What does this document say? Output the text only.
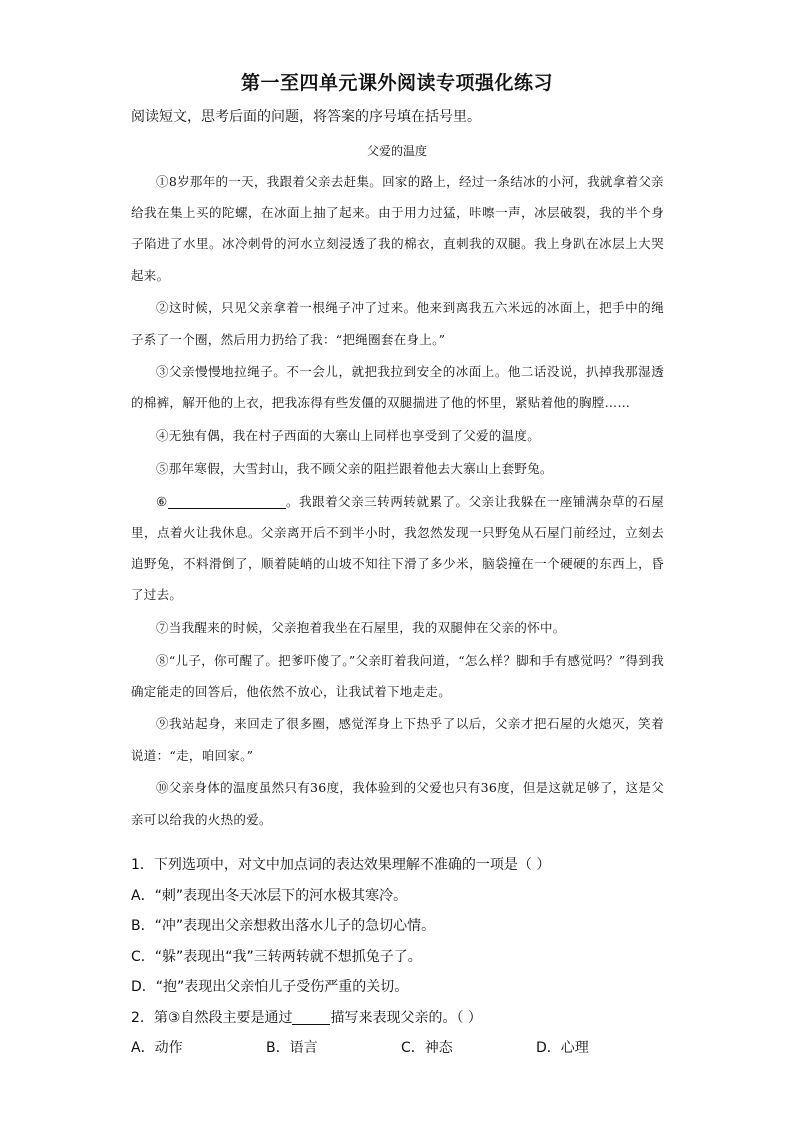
第一至四单元课外阅读专项强化练习
阅读短文，思考后面的问题，将答案的序号填在括号里。
父爱的温度

①8岁那年的一天，我跟着父亲去赶集。回家的路上，经过一条结冰的小河，我就拿着父亲给我在集上买的陀螺，在冰面上抽了起来。由于用力过猛，咔嚓一声，冰层破裂，我的半个身子陷进了水里。冰冷刺骨的河水立刻浸透了我的棉衣，直刺我的双腿。我上身趴在冰层上大哭起来。

②这时候，只见父亲拿着一根绳子冲了过来。他来到离我五六米远的冰面上，把手中的绳子系了一个圈，然后用力扔给了我：“把绳圈套在身上。”

③父亲慢慢地拉绳子。不一会儿，就把我拉到安全的冰面上。他二话没说，扒掉我那湿透的棉裤，解开他的上衣，把我冻得有些发僵的双腿揣进了他的怀里，紧贴着他的胸膛……

④无独有偶，我在村子西面的大寨山上同样也享受到了父爱的温度。

⑤那年寒假，大雪封山，我不顾父亲的阻拦跟着他去大寨山上套野兔。

⑥	。我跟着父亲三转两转就累了。父亲让我躲在一座铺满杂草的石屋里，点着火让我休息。父亲离开后不到半小时，我忽然发现一只野兔从石屋门前经过，立刻去追野兔，不料滑倒了，顺着陡峭的山坡不知往下滑了多少米，脑袋撞在一个硬硬的东西上，昏了过去。

⑦当我醒来的时候，父亲抱着我坐在石屋里，我的双腿伸在父亲的怀中。

⑧“儿子，你可醒了。把爹吓傻了。”父亲盯着我问道，“怎么样？脚和手有感觉吗？”得到我确定能走的回答后，他依然不放心，让我试着下地走走。

⑨我站起身，来回走了很多圈，感觉浑身上下热乎了以后，父亲才把石屋的火熄灭，笑着说道：“走，咱回家。”

⑩父亲身体的温度虽然只有36度，我体验到的父爱也只有36度，但是这就足够了，这是父亲可以给我的火热的爱。

1．下列选项中，对文中加点词的表达效果理解不准确的一项是（ ）

A．“刺”表现出冬天冰层下的河水极其寒冷。

B．“冲”表现出父亲想救出落水儿子的急切心情。

C．“躲”表现出“我”三转两转就不想抓兔子了。

D．“抱”表现出父亲怕儿子受伤严重的关切。

2．第③自然段主要是通过	描写来表现父亲的。（ ）

A．动作	B．语言	C．神态	D．心理
